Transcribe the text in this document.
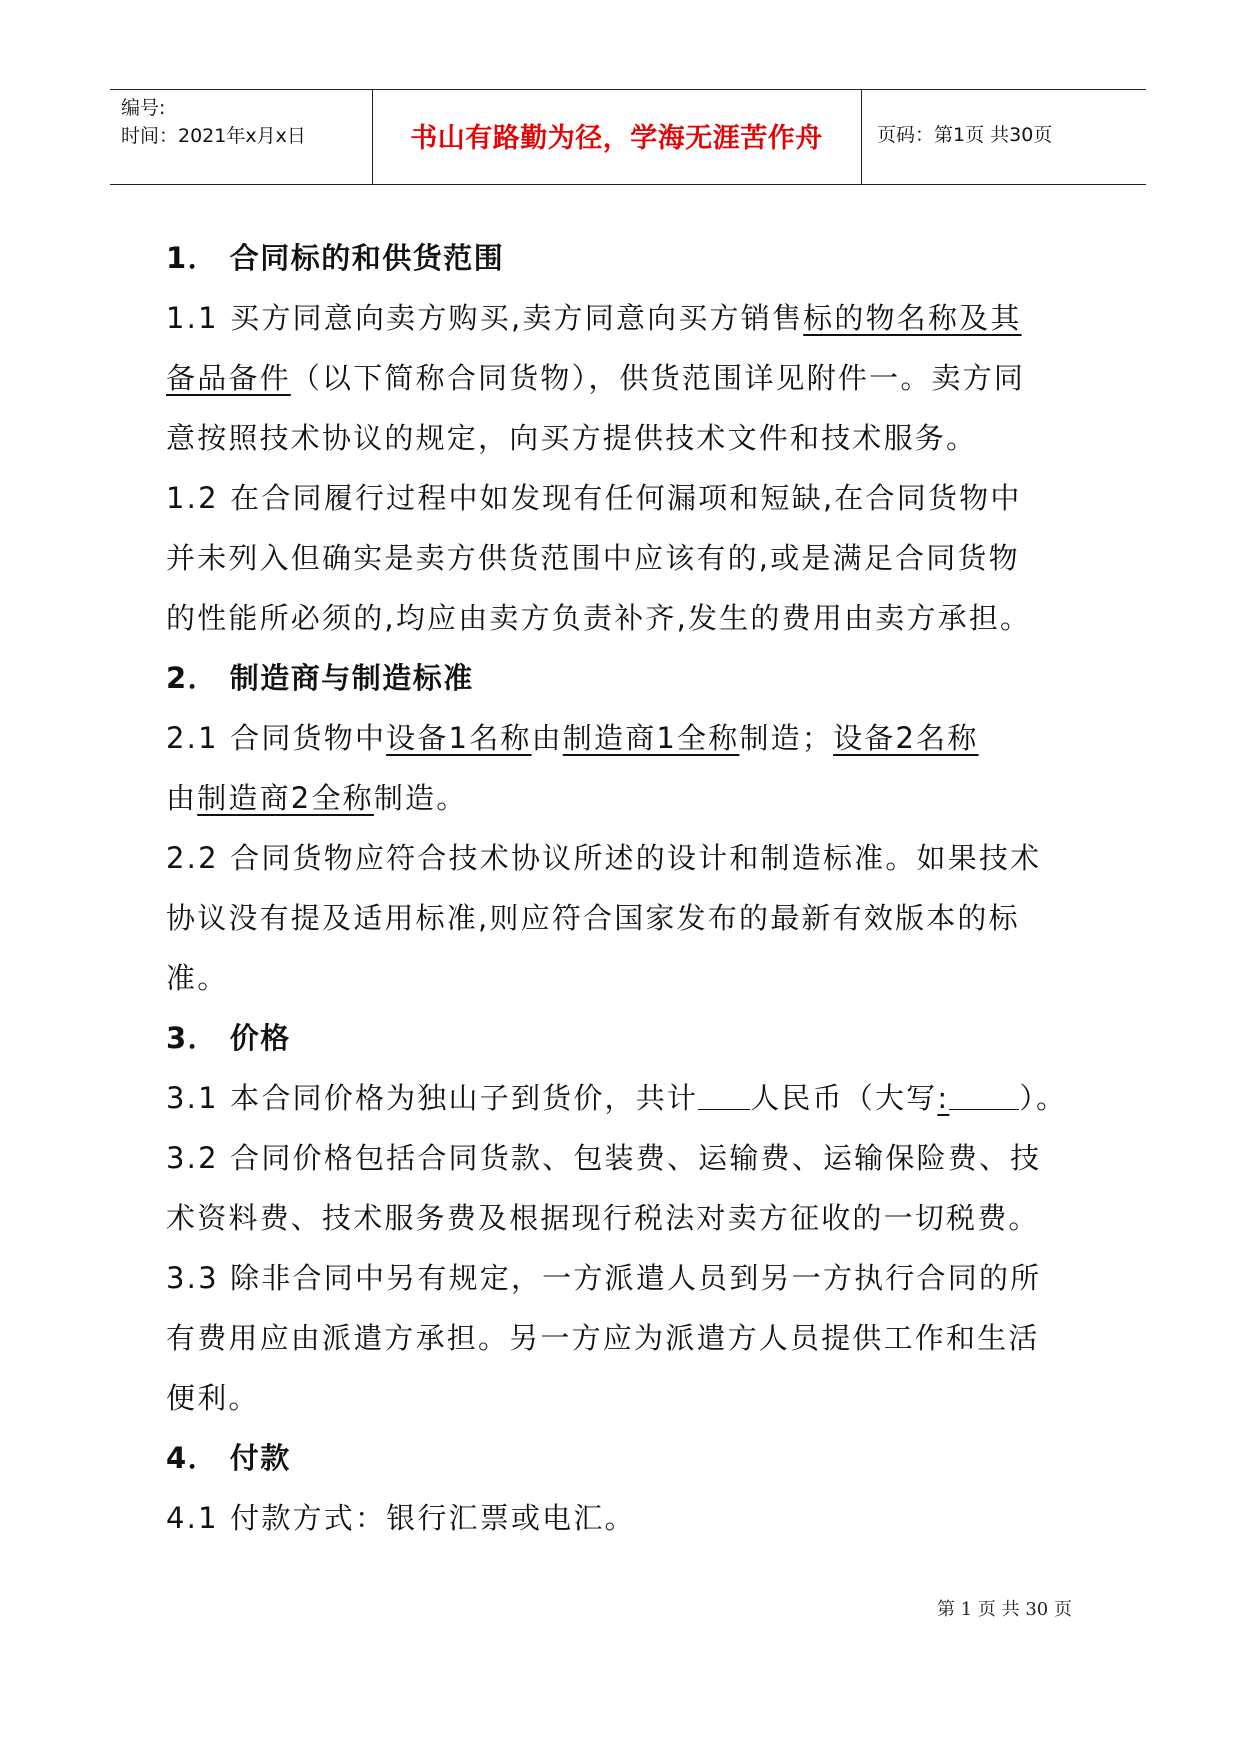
编号:
时间：2021年x月x日	书山有路勤为径，学海无涯苦作舟	页码：第1页 共30页
1． 合同标的和供货范围
1.1 买方同意向卖方购买,卖方同意向买方销售标的物名称及其
备品备件（以下简称合同货物），供货范围详见附件一。卖方同
意按照技术协议的规定，向买方提供技术文件和技术服务。
1.2 在合同履行过程中如发现有任何漏项和短缺,在合同货物中
并未列入但确实是卖方供货范围中应该有的,或是满足合同货物
的性能所必须的,均应由卖方负责补齐,发生的费用由卖方承担。
2． 制造商与制造标准
2.1 合同货物中设备1名称由制造商1全称制造；设备2名称
由制造商2全称制造。
2.2 合同货物应符合技术协议所述的设计和制造标准。如果技术
协议没有提及适用标准,则应符合国家发布的最新有效版本的标
准。
3． 价格
3.1 本合同价格为独山子到货价，共计 人民币（大写: ）。
3.2 合同价格包括合同货款、包装费、运输费、运输保险费、技
术资料费、技术服务费及根据现行税法对卖方征收的一切税费。
3.3 除非合同中另有规定，一方派遣人员到另一方执行合同的所
有费用应由派遣方承担。另一方应为派遣方人员提供工作和生活
便利。
4． 付款
4.1 付款方式：银行汇票或电汇。
第 1 页 共 30 页
